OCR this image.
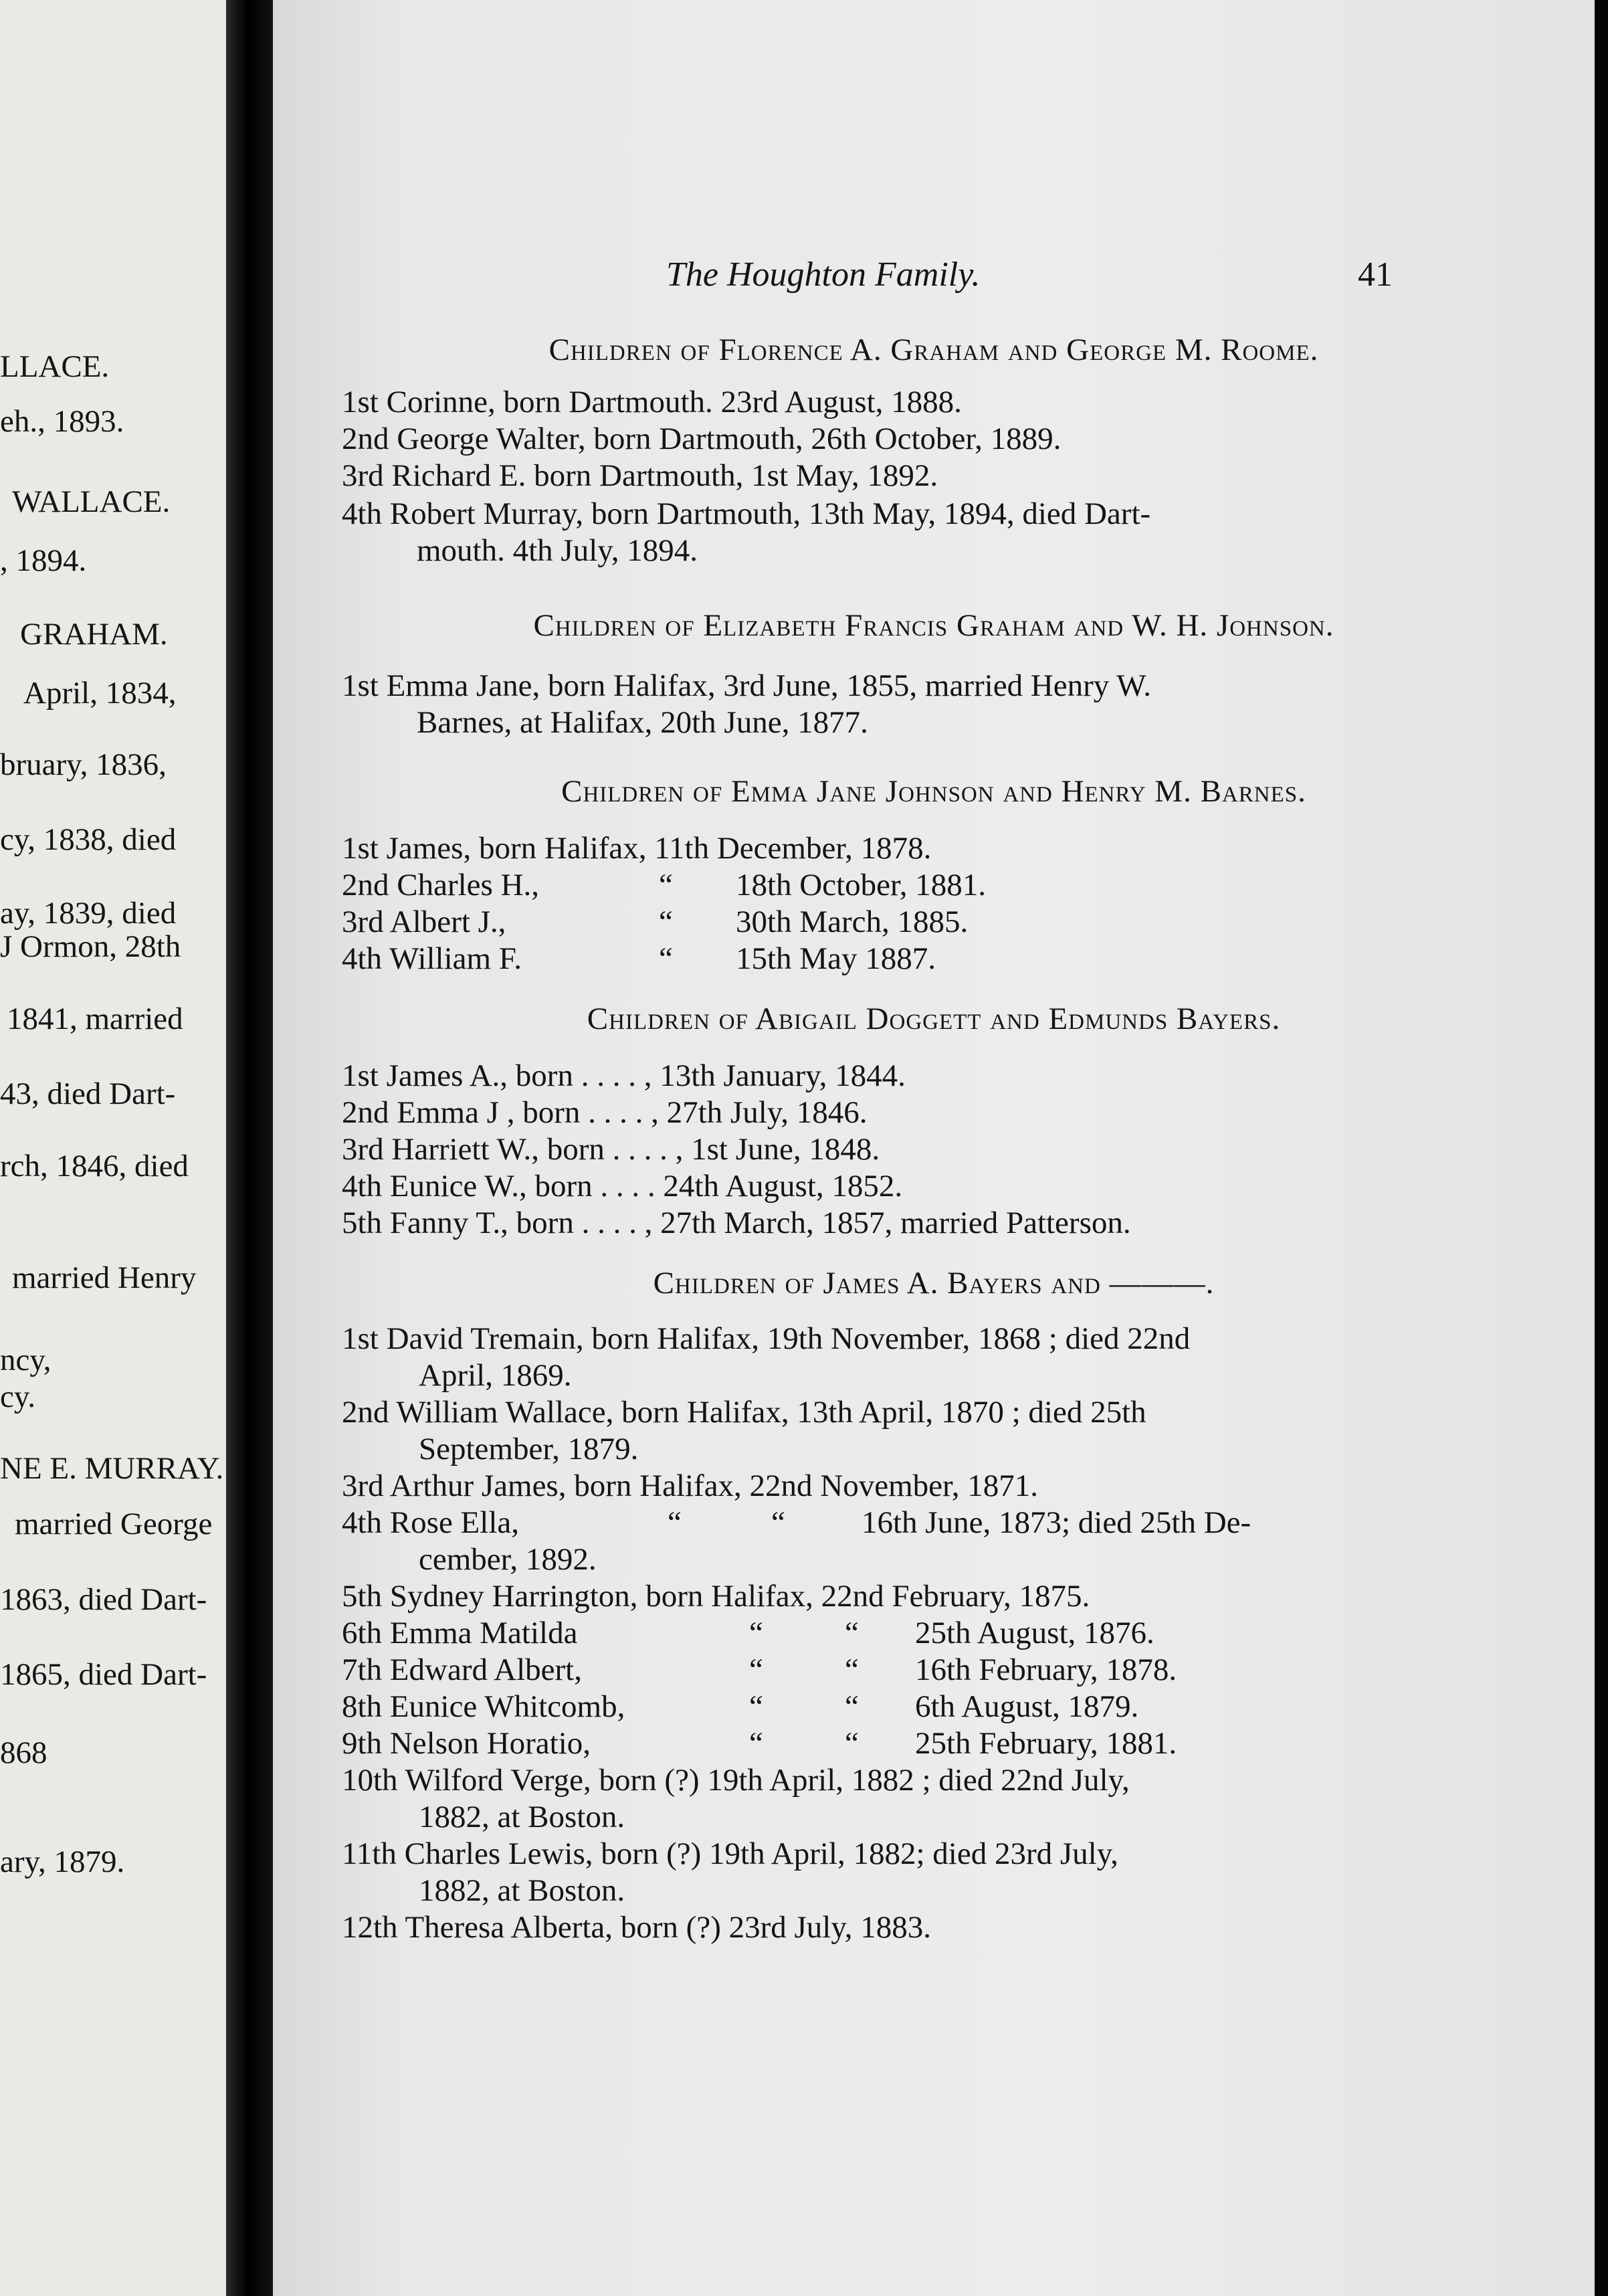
LLACE.
eh., 1893.
WALLACE.
, 1894.
GRAHAM.
April, 1834,
bruary, 1836,
cy, 1838, died
ay, 1839, died
J Ormon, 28th
1841, married
43, died Dart-
rch, 1846, died
married Henry
ncy,
cy.
NE E. MURRAY.
married George
1863, died Dart-
1865, died Dart-
868
ary, 1879.
The Houghton Family.	41
Children of Florence A. Graham and George M. Roome.
1st Corinne, born Dartmouth. 23rd August, 1888.
2nd George Walter, born Dartmouth, 26th October, 1889.
3rd Richard E. born Dartmouth, 1st May, 1892.
4th Robert Murray, born Dartmouth, 13th May, 1894, died Dart-
mouth. 4th July, 1894.
Children of Elizabeth Francis Graham and W. H. Johnson.
1st Emma Jane, born Halifax, 3rd June, 1855, married Henry W.
Barnes, at Halifax, 20th June, 1877.
Children of Emma Jane Johnson and Henry M. Barnes.
1st James, born Halifax, 11th December, 1878.
2nd Charles H.,	“ 18th October, 1881.
3rd Albert J.,	“ 30th March, 1885.
4th William F.	“ 15th May 1887.
Children of Abigail Doggett and Edmunds Bayers.
1st James A., born . . . . , 13th January, 1844.
2nd Emma J , born . . . . , 27th July, 1846.
3rd Harriett W., born . . . . , 1st June, 1848.
4th Eunice W., born . . . . 24th August, 1852.
5th Fanny T., born . . . . , 27th March, 1857, married Patterson.
Children of James A. Bayers and ———.
1st David Tremain, born Halifax, 19th November, 1868 ; died 22nd
April, 1869.
2nd William Wallace, born Halifax, 13th April, 1870 ; died 25th
September, 1879.
3rd Arthur James, born Halifax, 22nd November, 1871.
4th Rose Ella,	“	“ 16th June, 1873; died 25th De-
cember, 1892.
5th Sydney Harrington, born Halifax, 22nd February, 1875.
6th Emma Matilda	“	“ 25th August, 1876.
7th Edward Albert,	“	“ 16th February, 1878.
8th Eunice Whitcomb,	“	“ 6th August, 1879.
9th Nelson Horatio,	“	“ 25th February, 1881.
10th Wilford Verge, born (?) 19th April, 1882 ; died 22nd July,
1882, at Boston.
11th Charles Lewis, born (?) 19th April, 1882; died 23rd July,
1882, at Boston.
12th Theresa Alberta, born (?) 23rd July, 1883.
